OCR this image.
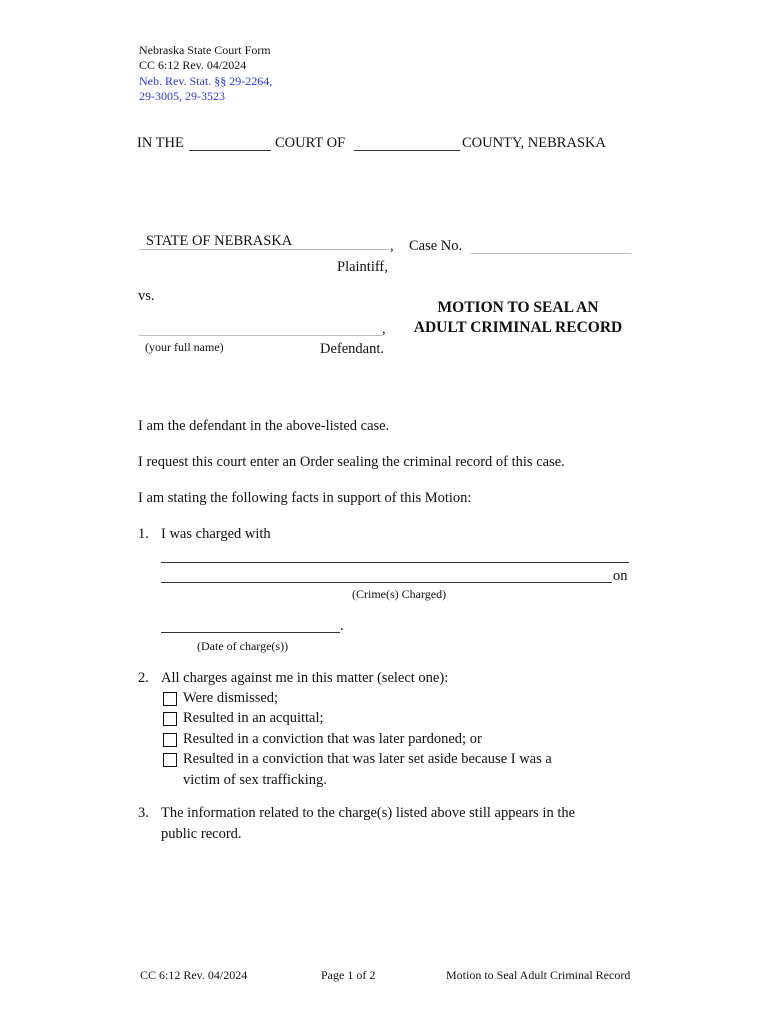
Nebraska State Court Form
CC 6:12 Rev. 04/2024
Neb. Rev. Stat. §§ 29-2264,
29-3005, 29-3523
IN THE	COURT OF	COUNTY, NEBRASKA
STATE OF NEBRASKA	, Case No.
Plaintiff,
vs.
,
(your full name)	Defendant.
MOTION TO SEAL AN
ADULT CRIMINAL RECORD
I am the defendant in the above-listed case.
I request this court enter an Order sealing the criminal record of this case.
I am stating the following facts in support of this Motion:
1. I was charged with
on
(Crime(s) Charged)
.
(Date of charge(s))
2. All charges against me in this matter (select one):
Were dismissed;
Resulted in an acquittal;
Resulted in a conviction that was later pardoned; or
Resulted in a conviction that was later set aside because I was a
victim of sex trafficking.
3. The information related to the charge(s) listed above still appears in the
public record.
CC 6:12 Rev. 04/2024	Page 1 of 2	Motion to Seal Adult Criminal Record
